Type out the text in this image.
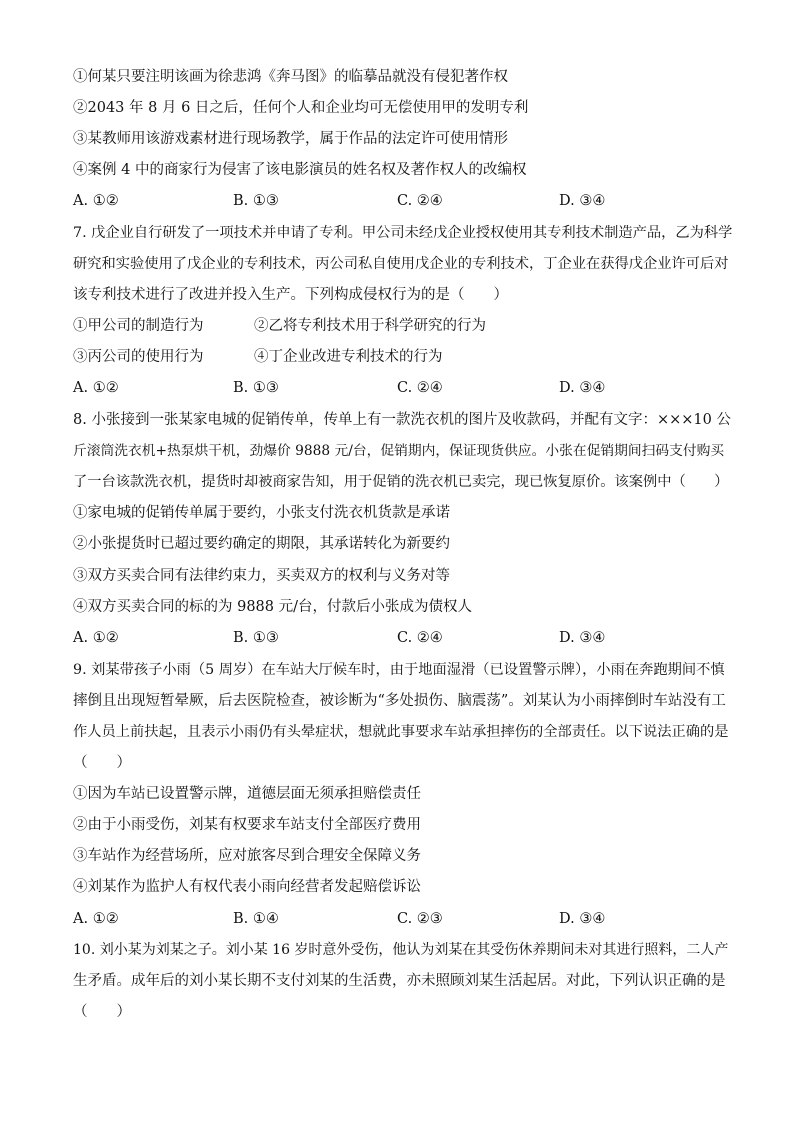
①何某只要注明该画为徐悲鸿《奔马图》的临摹品就没有侵犯著作权
②2043 年 8 月 6 日之后，任何个人和企业均可无偿使用甲的发明专利
③某教师用该游戏素材进行现场教学，属于作品的法定许可使用情形
④案例 4 中的商家行为侵害了该电影演员的姓名权及著作权人的改编权
A. ①②	B. ①③	C. ②④	D. ③④
7. 戊企业自行研发了一项技术并申请了专利。甲公司未经戊企业授权使用其专利技术制造产品，乙为科学
研究和实验使用了戊企业的专利技术，丙公司私自使用戊企业的专利技术，丁企业在获得戊企业许可后对
该专利技术进行了改进并投入生产。下列构成侵权行为的是（　　）
①甲公司的制造行为	②乙将专利技术用于科学研究的行为
③丙公司的使用行为	④丁企业改进专利技术的行为
A. ①②	B. ①③	C. ②④	D. ③④
8. 小张接到一张某家电城的促销传单，传单上有一款洗衣机的图片及收款码，并配有文字：×××10 公
斤滚筒洗衣机+热泵烘干机，劲爆价 9888 元/台，促销期内，保证现货供应。小张在促销期间扫码支付购买
了一台该款洗衣机，提货时却被商家告知，用于促销的洗衣机已卖完，现已恢复原价。该案例中（　　）
①家电城的促销传单属于要约，小张支付洗衣机货款是承诺
②小张提货时已超过要约确定的期限，其承诺转化为新要约
③双方买卖合同有法律约束力，买卖双方的权利与义务对等
④双方买卖合同的标的为 9888 元/台，付款后小张成为债权人
A. ①②	B. ①③	C. ②④	D. ③④
9. 刘某带孩子小雨（5 周岁）在车站大厅候车时，由于地面湿滑（已设置警示牌），小雨在奔跑期间不慎
摔倒且出现短暂晕厥，后去医院检查，被诊断为“多处损伤、脑震荡”。刘某认为小雨摔倒时车站没有工
作人员上前扶起，且表示小雨仍有头晕症状，想就此事要求车站承担摔伤的全部责任。以下说法正确的是
（　　）
①因为车站已设置警示牌，道德层面无须承担赔偿责任
②由于小雨受伤，刘某有权要求车站支付全部医疗费用
③车站作为经营场所，应对旅客尽到合理安全保障义务
④刘某作为监护人有权代表小雨向经营者发起赔偿诉讼
A. ①②	B. ①④	C. ②③	D. ③④
10. 刘小某为刘某之子。刘小某 16 岁时意外受伤，他认为刘某在其受伤休养期间未对其进行照料，二人产
生矛盾。成年后的刘小某长期不支付刘某的生活费，亦未照顾刘某生活起居。对此，下列认识正确的是
（　　）
